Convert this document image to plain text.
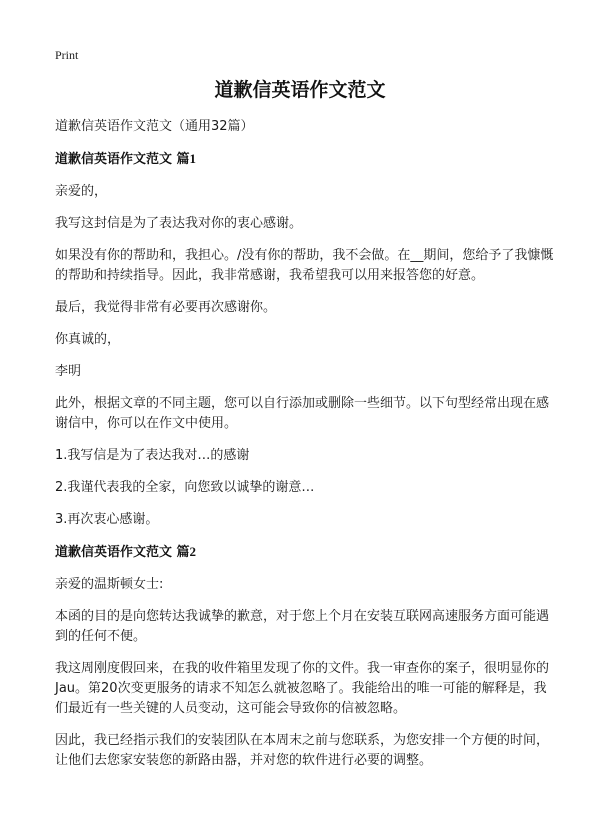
Print
道歉信英语作文范文

道歉信英语作文范文（通用32篇）

道歉信英语作文范文 篇1

亲爱的，

我写这封信是为了表达我对你的衷心感谢。

如果没有你的帮助和，我担心。/没有你的帮助，我不会做。在__期间，您给予了我慷慨的帮助和持续指导。因此，我非常感谢，我希望我可以用来报答您的好意。

最后，我觉得非常有必要再次感谢你。

你真诚的，

李明

此外，根据文章的不同主题，您可以自行添加或删除一些细节。以下句型经常出现在感谢信中，你可以在作文中使用。

1.我写信是为了表达我对…的感谢

2.我谨代表我的全家，向您致以诚挚的谢意…

3.再次衷心感谢。

道歉信英语作文范文 篇2

亲爱的温斯顿女士:

本函的目的是向您转达我诚挚的歉意，对于您上个月在安装互联网高速服务方面可能遇到的任何不便。

我这周刚度假回来，在我的收件箱里发现了你的文件。我一审查你的案子，很明显你的Jau。第20次变更服务的请求不知怎么就被忽略了。我能给出的唯一可能的解释是，我们最近有一些关键的人员变动，这可能会导致你的信被忽略。

因此，我已经指示我们的安装团队在本周末之前与您联系，为您安排一个方便的时间，让他们去您家安装您的新路由器，并对您的软件进行必要的调整。
